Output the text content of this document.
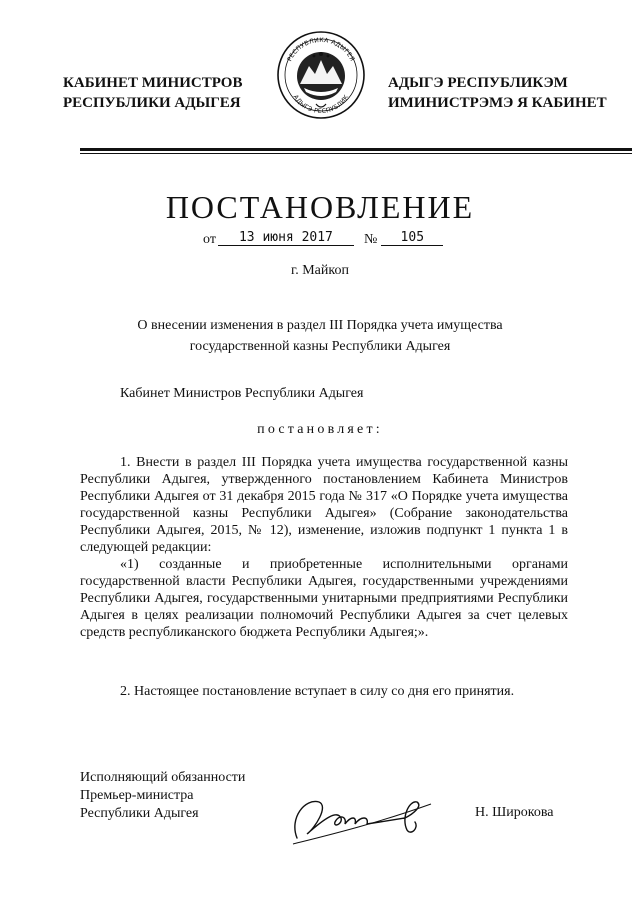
КАБИНЕТ МИНИСТРОВ
РЕСПУБЛИКИ АДЫГЕЯ
РЕСПУБЛИКА АДЫГЕЯ
АДЫГЭ РЕСПУБЛИК
АДЫГЭ РЕСПУБЛИКЭМ
ИМИНИСТРЭМЭ Я КАБИНЕТ
ПОСТАНОВЛЕНИЕ
от 13 июня 2017 № 105
г. Майкоп
О внесении изменения в раздел III Порядка учета имущества
государственной казны Республики Адыгея
Кабинет Министров Республики Адыгея
постановляет:

1. Внести в раздел III Порядка учета имущества государственной казны Республики Адыгея, утвержденного постановлением Кабинета Министров Республики Адыгея от 31 декабря 2015 года № 317 «О Порядке учета имущества государственной казны Республики Адыгея» (Собрание законодательства Республики Адыгея, 2015, № 12), изменение, изложив подпункт 1 пункта 1 в следующей редакции:

«1) созданные и приобретенные исполнительными органами государственной власти Республики Адыгея, государственными учреждениями Республики Адыгея, государственными унитарными предприятиями Республики Адыгея в целях реализации полномочий Республики Адыгея за счет целевых средств республиканского бюджета Республики Адыгея;».

2. Настоящее постановление вступает в силу со дня его принятия.
Исполняющий обязанности
Премьер-министра
Республики Адыгея	Н. Широкова
